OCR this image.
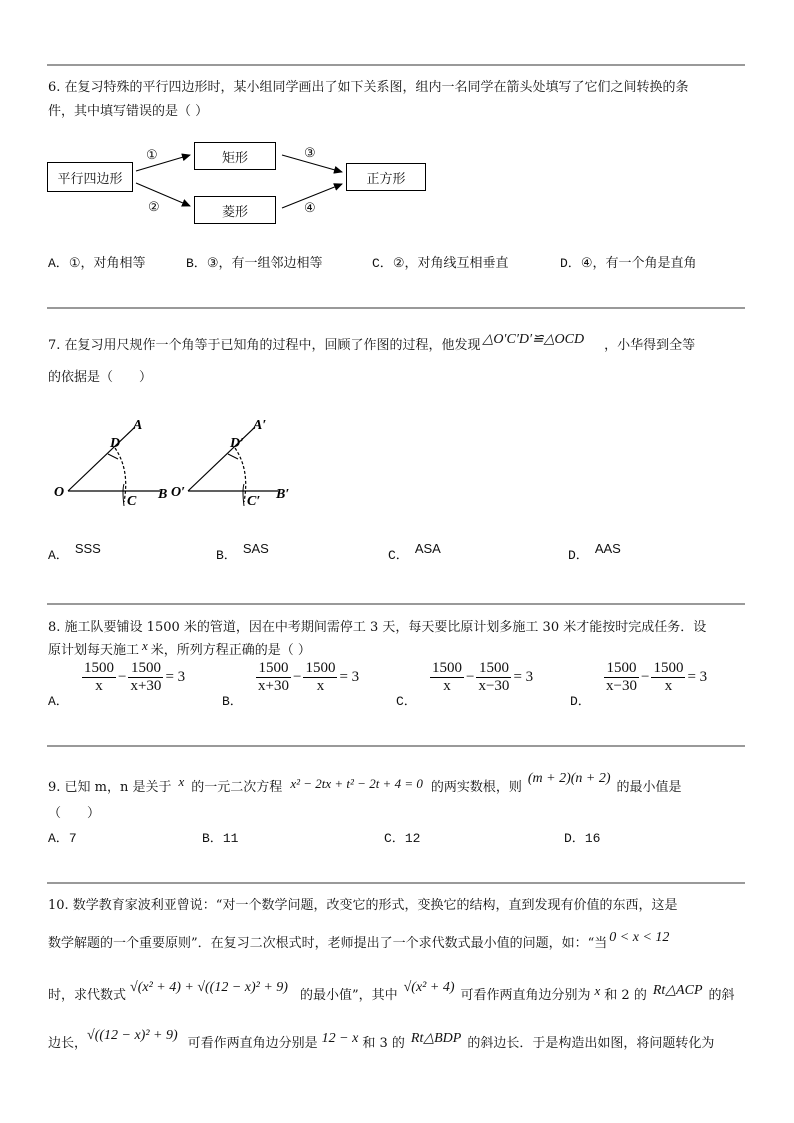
6. 在复习特殊的平行四边形时，某小组同学画出了如下关系图，组内一名同学在箭头处填写了它们之间转换的条
件，其中填写错误的是（ ）
平行四边形
矩形
菱形
正方形
①
②
③
④
A．①，对角相等	B．③，有一组邻边相等	C．②，对角线互相垂直	D．④，有一个角是直角
7. 在复习用尺规作一个角等于已知角的过程中，回顾了作图的过程，他发现 △O′C′D′≌△OCD ，小华得到全等
的依据是（　　）
A
D
O
C B
A′
D′
O′
C′ B′
A． SSS	B． SAS	C． ASA	D． AAS
8. 施工队要铺设 1500 米的管道，因在中考期间需停工 3 天，每天要比原计划多施工 30 米才能按时完成任务．设
原计划每天施工 x 米，所列方程正确的是（ ）
A．
$\frac{1500}{x} - \frac{1500}{x+30} = 3$
B．
$\frac{1500}{x+30} - \frac{1500}{x} = 3$
C．
$\frac{1500}{x} - \frac{1500}{x-30} = 3$
D．
$\frac{1500}{x-30} - \frac{1500}{x} = 3$
9. 已知 m，n 是关于 x 的一元二次方程 x² − 2tx + t² − 2t + 4 = 0 的两实数根，则(m + 2)(n + 2)的最小值是
（　　）
A．7	B．11	C．12	D．16
10. 数学教育家波利亚曾说：“对一个数学问题，改变它的形式，变换它的结构，直到发现有价值的东西，这是
数学解题的一个重要原则”．在复习二次根式时，老师提出了一个求代数式最小值的问题，如：“当 0 < x < 12
时，求代数式√(x² + 4) + √((12 − x)² + 9)的最小值”，其中√(x² + 4)可看作两直角边分别为 x 和 2 的 Rt△ACP 的斜
边长，√((12 − x)² + 9)可看作两直角边分别是 12 − x 和 3 的 Rt△BDP 的斜边长．于是构造出如图，将问题转化为
